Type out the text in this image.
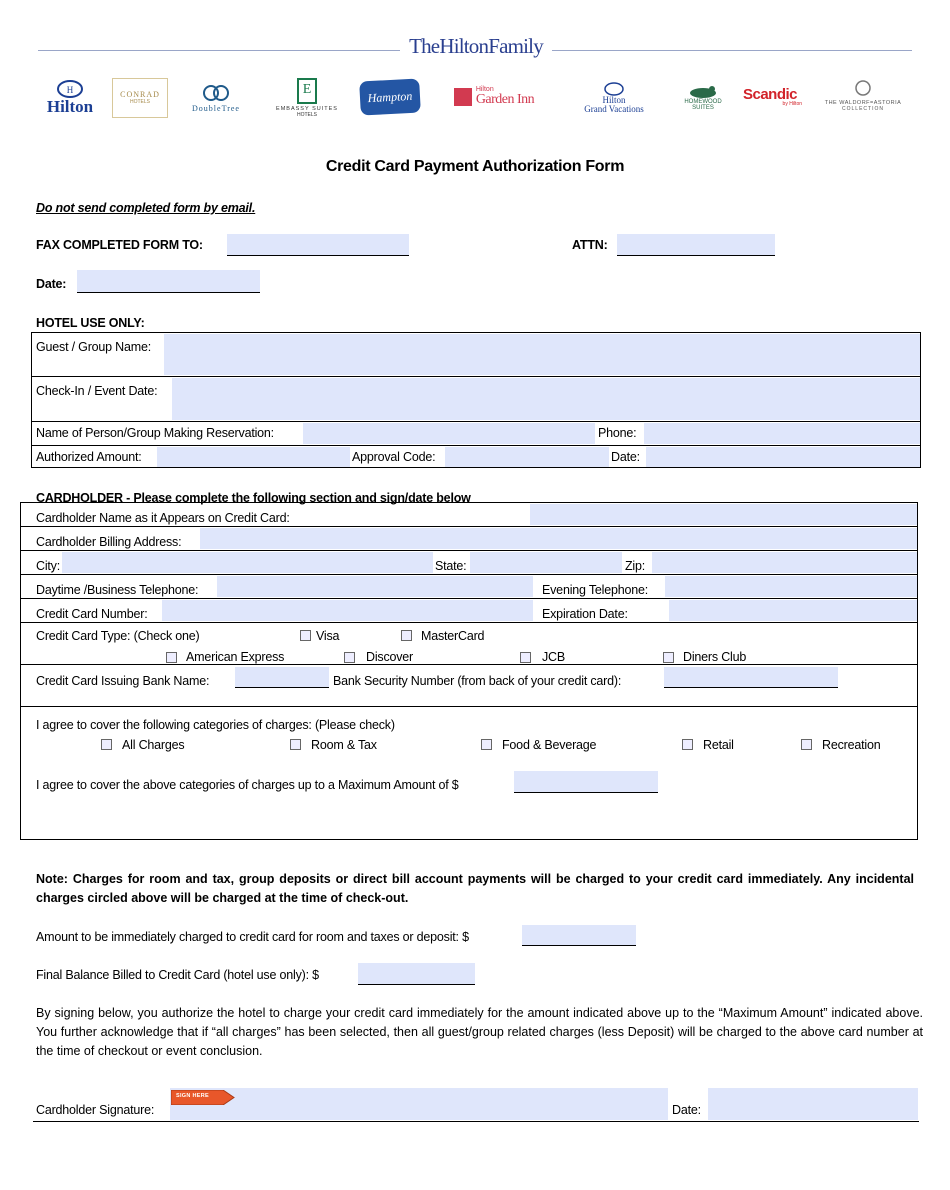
TheHiltonFamily
H
Hilton
CONRAD
HOTELS
DoubleTree
E
EMBASSY SUITES
HOTELS
Hampton	Hilton
Garden Inn	Hilton
Grand Vacations
HOMEWOOD
SUITES
Scandic
by Hilton	THE WALDORF=ASTORIA
COLLECTION
Credit Card Payment Authorization Form
Do not send completed form by email.
FAX COMPLETED FORM TO:	ATTN:
Date:
HOTEL USE ONLY:
Guest / Group Name:
Check-In / Event Date:
Name of Person/Group Making Reservation:	Phone:
Authorized Amount:	Approval Code:	Date:
CARDHOLDER - Please complete the following section and sign/date below
Cardholder Name as it Appears on Credit Card:
Cardholder Billing Address:
City:	State:	Zip:
Daytime /Business Telephone:	Evening Telephone:
Credit Card Number:	Expiration Date:
Credit Card Type: (Check one)	Visa	MasterCard
American Express	Discover	JCB	Diners Club
Credit Card Issuing Bank Name:	Bank Security Number (from back of your credit card):
I agree to cover the following categories of charges: (Please check)
All Charges	Room & Tax	Food & Beverage	Retail	Recreation
I agree to cover the above categories of charges up to a Maximum Amount of $
Note: Charges for room and tax, group deposits or direct bill account payments will be charged to your credit card immediately. Any incidental charges circled above will be charged at the time of check-out.
Amount to be immediately charged to credit card for room and taxes or deposit: $
Final Balance Billed to Credit Card (hotel use only): $
By signing below, you authorize the hotel to charge your credit card immediately for the amount indicated above up to the “Maximum Amount” indicated above. You further acknowledge that if “all charges” has been selected, then all guest/group related charges (less Deposit) will be charged to the above card number at the time of checkout or event conclusion.
Cardholder Signature:
SIGN HERE
Date:
